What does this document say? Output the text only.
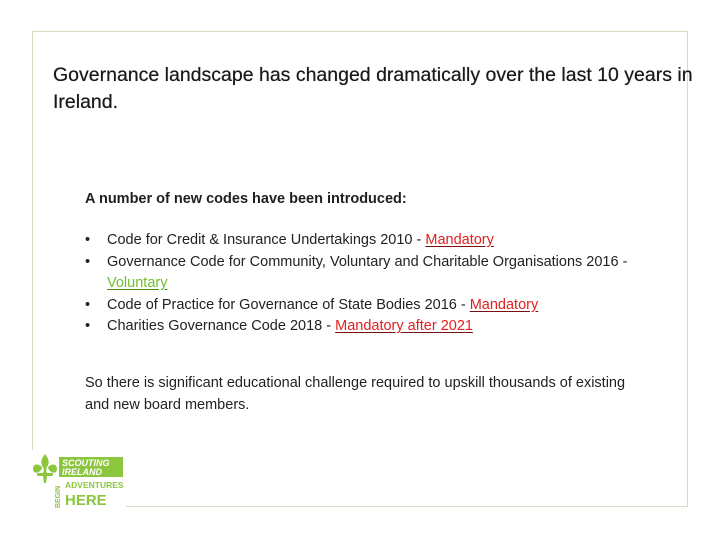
Governance landscape has changed dramatically over the last 10 years in Ireland.

A number of new codes have been introduced:

• Code for Credit & Insurance Undertakings 2010 - Mandatory
• Governance Code for Community, Voluntary and Charitable Organisations 2016 - Voluntary
• Code of Practice for Governance of State Bodies 2016 - Mandatory
• Charities Governance Code 2018 - Mandatory after 2021

So there is significant educational challenge required to upskill thousands of existing and new board members.

SCOUTING
IRELAND
BEGIN
ADVENTURES
HERE
